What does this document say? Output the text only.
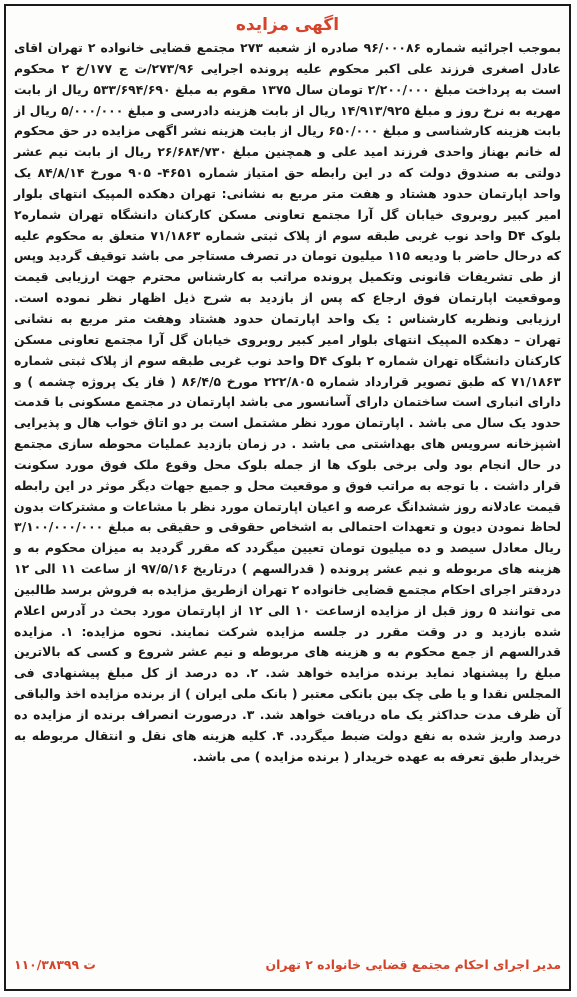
اگهی مزایده
بموجب اجرائیه شماره ۹۶/۰۰۰۸۶ صادره از شعبه ۲۷۳ مجتمع قضایی خانواده ۲ تهران اقای عادل اصغری فرزند علی اکبر محکوم علیه پرونده اجرایی ۲۷۳/۹۶/ت ج ۱۷۷/خ ۲ محکوم است به پرداخت مبلغ ۲/۲۰۰/۰۰۰ تومان سال ۱۳۷۵ مقوم به مبلغ ۵۳۳/۶۹۴/۶۹۰ ریال از بابت مهریه به نرخ روز و مبلغ ۱۴/۹۱۳/۹۲۵ ریال از بابت هزینه دادرسی و مبلغ ۵/۰۰۰/۰۰۰ ریال از بابت هزینه کارشناسی و مبلغ ۶۵۰/۰۰۰ ریال از بابت هزینه نشر اگهی مزایده در حق محکوم له خانم بهناز واحدی فرزند امید علی و همچنین مبلغ ۲۶/۶۸۴/۷۳۰ ریال از بابت نیم عشر دولتی به صندوق دولت که در این رابطه حق امتیاز شماره ۴۶۵۱- ۹۰۵ مورخ ۸۴/۸/۱۴ یک واحد اپارتمان حدود هشتاد و هفت متر مربع به نشانی: تهران دهکده المپیک انتهای بلوار امیر کبیر روبروی خیابان گل آرا مجتمع تعاونی مسکن کارکنان دانشگاه تهران شماره۲ بلوک D۴ واحد نوب غربی طبقه سوم از پلاک ثبتی شماره ۷۱/۱۸۶۳ متعلق به محکوم علیه که درحال حاضر با ودیعه ۱۱۵ میلیون تومان در تصرف مستاجر می باشد توقیف گردید وپس از طی تشریفات قانونی وتکمیل پرونده مراتب به کارشناس محترم جهت ارزیابی قیمت وموقعیت اپارتمان فوق ارجاع که پس از بازدید به شرح ذیل اظهار نظر نموده است. ارزیابی ونظریه کارشناس : یک واحد اپارتمان حدود هشتاد وهفت متر مربع به نشانی تهران – دهکده المپیک انتهای بلوار امیر کبیر روبروی خیابان گل آرا مجتمع تعاونی مسکن کارکنان دانشگاه تهران شماره ۲ بلوک D۴ واحد نوب غربی طبقه سوم از پلاک ثبتی شماره ۷۱/۱۸۶۳ که طبق تصویر قرارداد شماره ۲۲۲/۸۰۵ مورخ ۸۶/۴/۵ ( فاز یک پروژه چشمه ) و دارای انباری است ساختمان دارای آسانسور می باشد اپارتمان در مجتمع مسکونی با قدمت حدود یک سال می باشد . اپارتمان مورد نظر مشتمل است بر دو اتاق خواب هال و پذیرایی اشپزخانه سرویس های بهداشتی می باشد . در زمان بازدید عملیات محوطه سازی مجتمع در حال انجام بود ولی برخی بلوک ها از جمله بلوک محل وقوع ملک فوق مورد سکونت قرار داشت . با توجه به مراتب فوق و موقعیت محل و جمیع جهات دیگر موثر در این رابطه قیمت عادلانه روز ششدانگ عرصه و اعیان اپارتمان مورد نظر با مشاعات و مشترکات بدون لحاظ نمودن دیون و تعهدات احتمالی به اشخاص حقوقی و حقیقی به مبلغ ۳/۱۰۰/۰۰۰/۰۰۰ ریال معادل سیصد و ده میلیون تومان تعیین میگردد که مقرر گردید به میزان محکوم به و هزینه های مربوطه و نیم عشر پرونده ( قدرالسهم ) درتاریخ ۹۷/۵/۱۶ از ساعت ۱۱ الی ۱۲ دردفتر اجرای احکام مجتمع قضایی خانواده ۲ تهران ازطریق مزایده به فروش برسد طالبین می توانند ۵ روز قبل از مزایده ازساعت ۱۰ الی ۱۲ از اپارتمان مورد بحث در آدرس اعلام شده بازدید و در وقت مقرر در جلسه مزایده شرکت نمایند. نحوه مزایده: ۱. مزایده قدرالسهم از جمع محکوم به و هزینه های مربوطه و نیم عشر شروع و کسی که بالاترین مبلغ را پیشنهاد نماید برنده مزایده خواهد شد. ۲. ده درصد از کل مبلغ پیشنهادی فی المجلس نقدا و یا طی چک بین بانکی معتبر ( بانک ملی ایران ) از برنده مزایده اخذ والباقی آن ظرف مدت حداکثر یک ماه دریافت خواهد شد. ۳. درصورت انصراف برنده از مزایده ده درصد واریز شده به نفع دولت ضبط میگردد. ۴. کلیه هزینه های نقل و انتقال مربوطه به خریدار طبق تعرفه به عهده خریدار ( برنده مزایده ) می باشد.
مدیر اجرای احکام مجتمع قضایی خانواده ۲ تهران
۱۱۰/۳۸۳۹۹ ت
